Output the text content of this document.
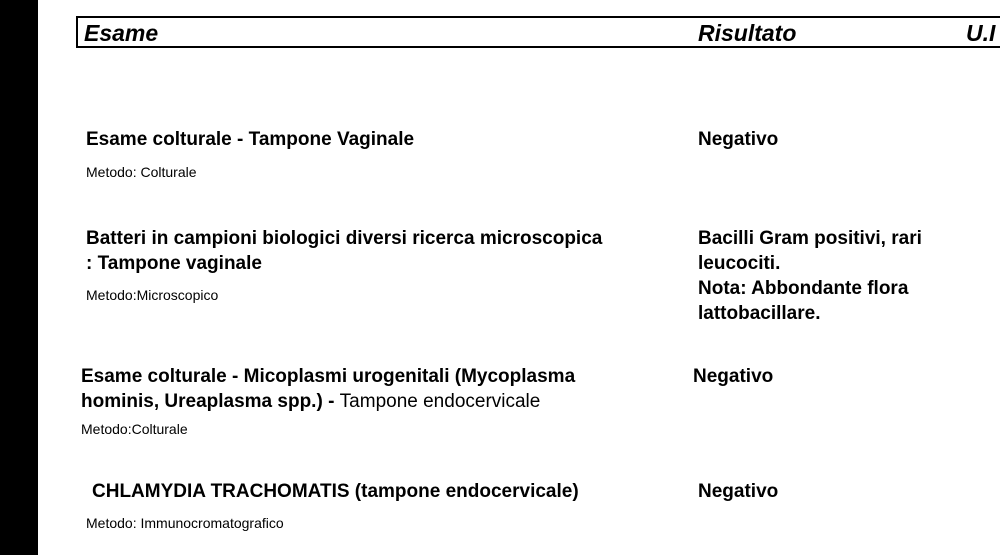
Esame	Risultato	U.I
Esame colturale - Tampone Vaginale
Metodo: Colturale
Negativo
Batteri in campioni biologici diversi ricerca microscopica
: Tampone vaginale
Metodo:Microscopico
Bacilli Gram positivi, rari
leucociti.
Nota: Abbondante flora
lattobacillare.
Esame colturale - Micoplasmi urogenitali (Mycoplasma
hominis, Ureaplasma spp.) - Tampone endocervicale
Metodo:Colturale
Negativo
CHLAMYDIA TRACHOMATIS (tampone endocervicale)
Metodo: Immunocromatografico
Negativo
